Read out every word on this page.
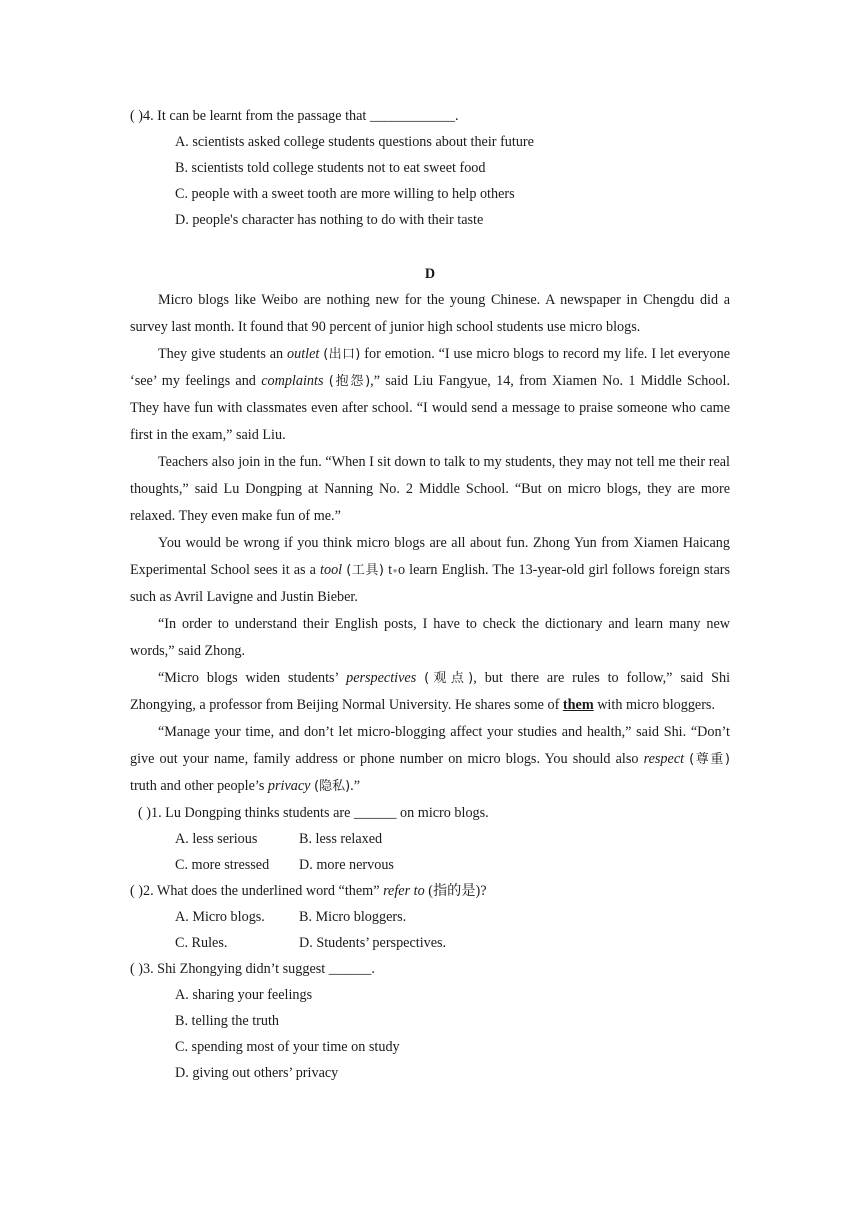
( )4. It can be learnt from the passage that ____________.
A. scientists asked college students questions about their future
B. scientists told college students not to eat sweet food
C. people with a sweet tooth are more willing to help others
D. people's character has nothing to do with their taste
D

Micro blogs like Weibo are nothing new for the young Chinese. A newspaper in Chengdu did a survey last month. It found that 90 percent of junior high school students use micro blogs.

They give students an outlet (出口) for emotion. “I use micro blogs to record my life. I let everyone ‘see’ my feelings and complaints (抱怨),” said Liu Fangyue, 14, from Xiamen No. 1 Middle School. They have fun with classmates even after school. “I would send a message to praise someone who came first in the exam,” said Liu.

Teachers also join in the fun. “When I sit down to talk to my students, they may not tell me their real thoughts,” said Lu Dongping at Nanning No. 2 Middle School. “But on micro blogs, they are more relaxed. They even make fun of me.”

You would be wrong if you think micro blogs are all about fun. Zhong Yun from Xiamen Haicang Experimental School sees it as a tool (工具) t●o learn English. The 13-year-old girl follows foreign stars such as Avril Lavigne and Justin Bieber.

“In order to understand their English posts, I have to check the dictionary and learn many new words,” said Zhong.

“Micro blogs widen students’ perspectives (观点), but there are rules to follow,” said Shi Zhongying, a professor from Beijing Normal University. He shares some of them with micro bloggers.

“Manage your time, and don’t let micro-blogging affect your studies and health,” said Shi. “Don’t give out your name, family address or phone number on micro blogs. You should also respect (尊重) truth and other people’s privacy (隐私).”

( )1. Lu Dongping thinks students are ______ on micro blogs.
A. less serious	B. less relaxed
C. more stressed D. more nervous
( )2. What does the underlined word “them” refer to (指的是)?
A. Micro blogs. B. Micro bloggers.
C. Rules.	D. Students’ perspectives.
( )3. Shi Zhongying didn’t suggest ______.
A. sharing your feelings
B. telling the truth
C. spending most of your time on study
D. giving out others’ privacy
